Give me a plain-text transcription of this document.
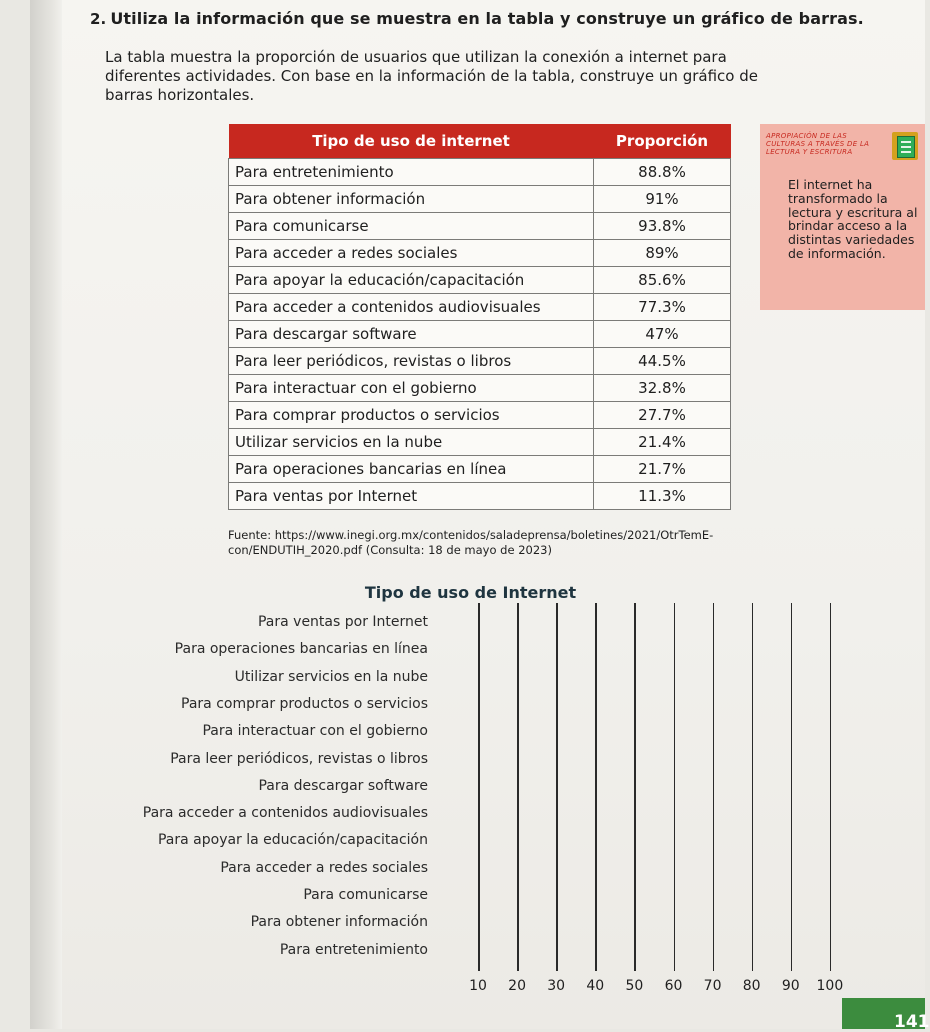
2. Utiliza la información que se muestra en la tabla y construye un gráfico de barras.
La tabla muestra la proporción de usuarios que utilizan la conexión a internet para diferentes actividades. Con base en la información de la tabla, construye un gráfico de barras horizontales.
Tipo de uso de internet	Proporción
Para entretenimiento	88.8%
Para obtener información	91%
Para comunicarse	93.8%
Para acceder a redes sociales	89%
Para apoyar la educación/capacitación	85.6%
Para acceder a contenidos audiovisuales	77.3%
Para descargar software	47%
Para leer periódicos, revistas o libros	44.5%
Para interactuar con el gobierno	32.8%
Para comprar productos o servicios	27.7%
Utilizar servicios en la nube	21.4%
Para operaciones bancarias en línea	21.7%
Para ventas por Internet	11.3%
Fuente: https://www.inegi.org.mx/contenidos/saladeprensa/boletines/2021/OtrTemE-con/ENDUTIH_2020.pdf (Consulta: 18 de mayo de 2023)
APROPIACIÓN DE LAS CULTURAS A TRAVÉS DE LA LECTURA Y ESCRITURA
El internet ha transformado la lectura y escritura al brindar acceso a la distintas variedades de información.
Tipo de uso de Internet
Para ventas por Internet
Para operaciones bancarias en línea
Utilizar servicios en la nube
Para comprar productos o servicios
Para interactuar con el gobierno
Para leer periódicos, revistas o libros
Para descargar software
Para acceder a contenidos audiovisuales
Para apoyar la educación/capacitación
Para acceder a redes sociales
Para comunicarse
Para obtener información
Para entretenimiento
10	20	30	40	50	60	70	80	90	100
141
